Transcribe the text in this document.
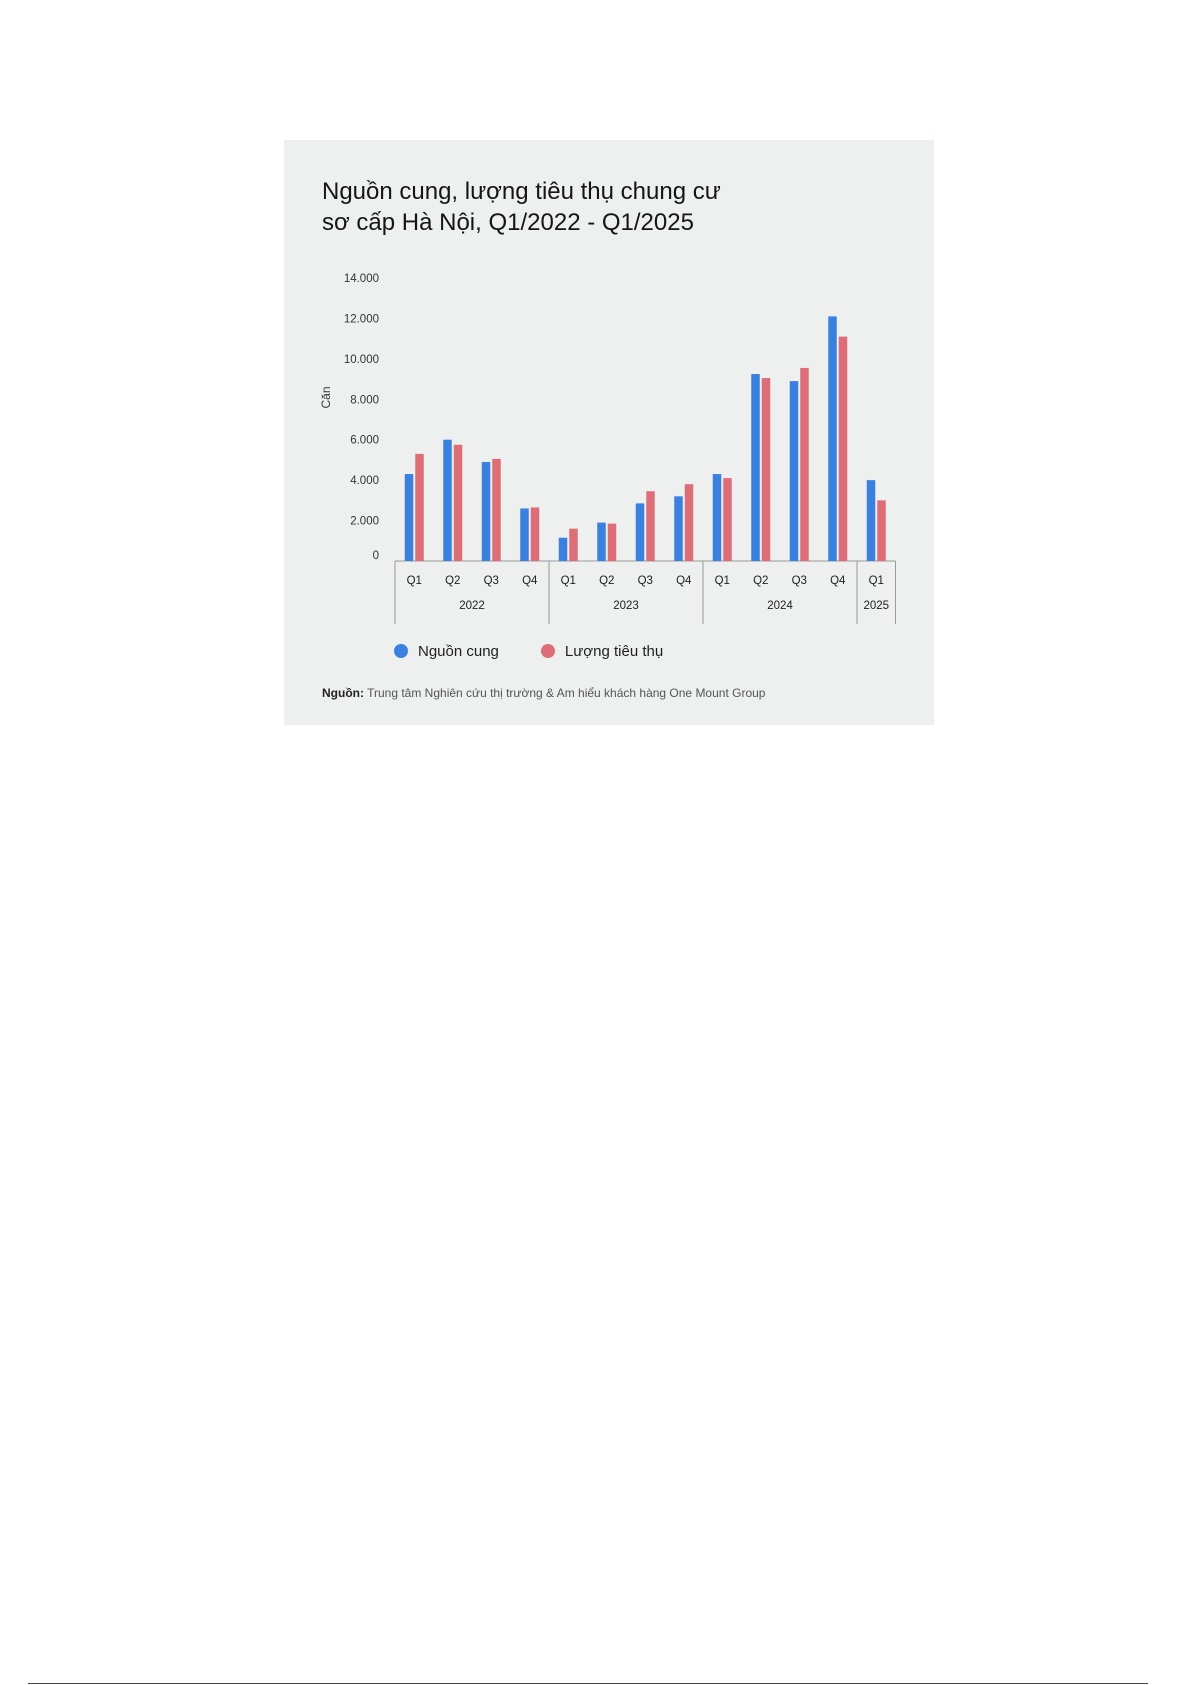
Nguồn cung, lượng tiêu thụ chung cư
sơ cấp Hà Nội, Q1/2022 - Q1/2025
0
2.000
4.000
6.000
8.000
10.000
12.000
14.000
Căn
Q1 Q2 Q3 Q4 Q1 Q2 Q3 Q4 Q1 Q2 Q3 Q4 Q1
2022	2023	2024	2025
Nguồn cung	Lượng tiêu thụ
Nguồn: Trung tâm Nghiên cứu thị trường & Am hiểu khách hàng One Mount Group
